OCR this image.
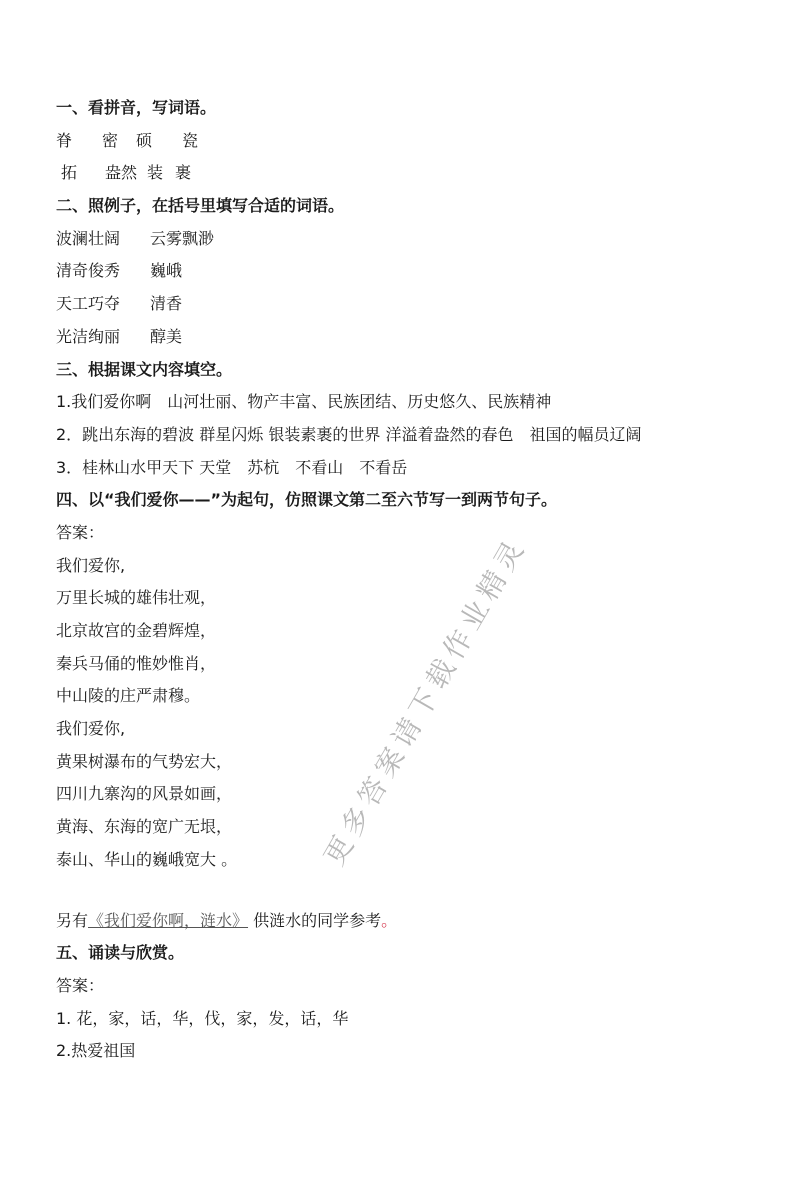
一、看拼音，写词语。
脊 密 硕 瓷
拓 盎然 装 裹
二、照例子，在括号里填写合适的词语。
波澜壮阔 云雾飘渺
清奇俊秀 巍峨
天工巧夺 清香
光洁绚丽 醇美
三、根据课文内容填空。
1.我们爱你啊　山河壮丽、物产丰富、民族团结、历史悠久、民族精神
2．跳出东海的碧波 群星闪烁 银装素裹的世界 洋溢着盎然的春色　祖国的幅员辽阔
3．桂林山水甲天下 天堂　苏杭　不看山　不看岳
四、以“我们爱你——”为起句，仿照课文第二至六节写一到两节句子。
答案：
我们爱你,
万里长城的雄伟壮观，
北京故宫的金碧辉煌，
秦兵马俑的惟妙惟肖，
中山陵的庄严肃穆。
我们爱你,
黄果树瀑布的气势宏大，
四川九寨沟的风景如画，
黄海、东海的宽广无垠，
泰山、华山的巍峨宽大 。
另有《我们爱你啊，涟水》 供涟水的同学参考。
五、诵读与欣赏。
答案：
1. 花，家，话，华，伐，家，发，话，华
2.热爱祖国
更多答案请下载作业精灵
